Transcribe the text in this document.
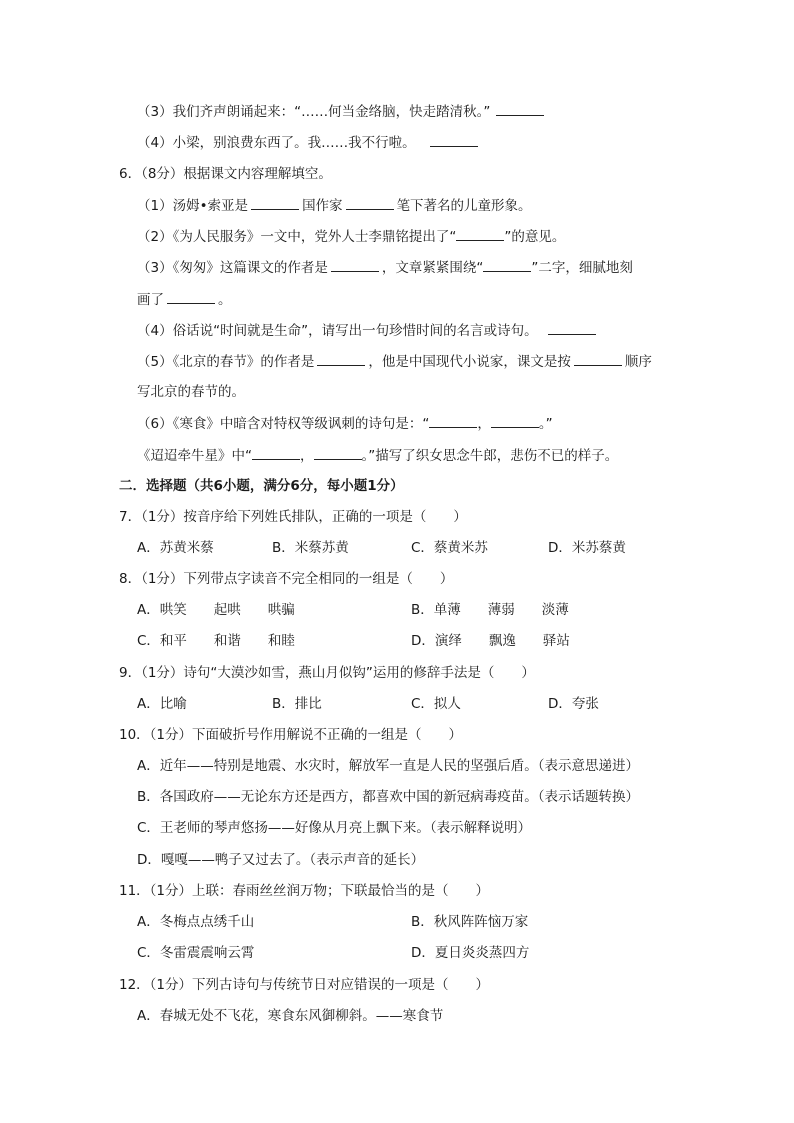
（3）我们齐声朗诵起来：“……何当金络脑，快走踏清秋。”
（4）小梁，别浪费东西了。我……我不行啦。
6．（8分）根据课文内容理解填空。
（1）汤姆•索亚是	国作家	笔下著名的儿童形象。
（2）《为人民服务》一文中，党外人士李鼎铭提出了“	”的意见。
（3）《匆匆》这篇课文的作者是	，文章紧紧围绕“	”二字，细腻地刻
画了	。
（4）俗话说“时间就是生命”，请写出一句珍惜时间的名言或诗句。
（5）《北京的春节》的作者是	，他是中国现代小说家，课文是按	顺序
写北京的春节的。
（6）《寒食》中暗含对特权等级讽刺的诗句是：“	，	。”
《迢迢牵牛星》中“	，	。”描写了织女思念牛郎，悲伤不已的样子。
二．选择题（共6小题，满分6分，每小题1分）
7．（1分）按音序给下列姓氏排队，正确的一项是（　　）
A．苏黄米蔡	B．米蔡苏黄	C．蔡黄米苏	D．米苏蔡黄
8．（1分）下列带点字读音不完全相同的一组是（　　）
A．哄笑　　起哄　　哄骗	B．单薄　　薄弱　　淡薄
C．和平　　和谐　　和睦	D．演绎　　飘逸　　驿站
9．（1分）诗句“大漠沙如雪，燕山月似钩”运用的修辞手法是（　　）
A．比喻	B．排比	C．拟人	D．夸张
10．（1分）下面破折号作用解说不正确的一组是（　　）
A．近年——特别是地震、水灾时，解放军一直是人民的坚强后盾。（表示意思递进）
B．各国政府——无论东方还是西方，都喜欢中国的新冠病毒疫苗。（表示话题转换）
C．王老师的琴声悠扬——好像从月亮上飘下来。（表示解释说明）
D．嘎嘎——鸭子又过去了。（表示声音的延长）
11．（1分）上联：春雨丝丝润万物；下联最恰当的是（　　）
A．冬梅点点绣千山	B．秋风阵阵恼万家
C．冬雷震震响云霄	D．夏日炎炎蒸四方
12．（1分）下列古诗句与传统节日对应错误的一项是（　　）
A．春城无处不飞花，寒食东风御柳斜。——寒食节
